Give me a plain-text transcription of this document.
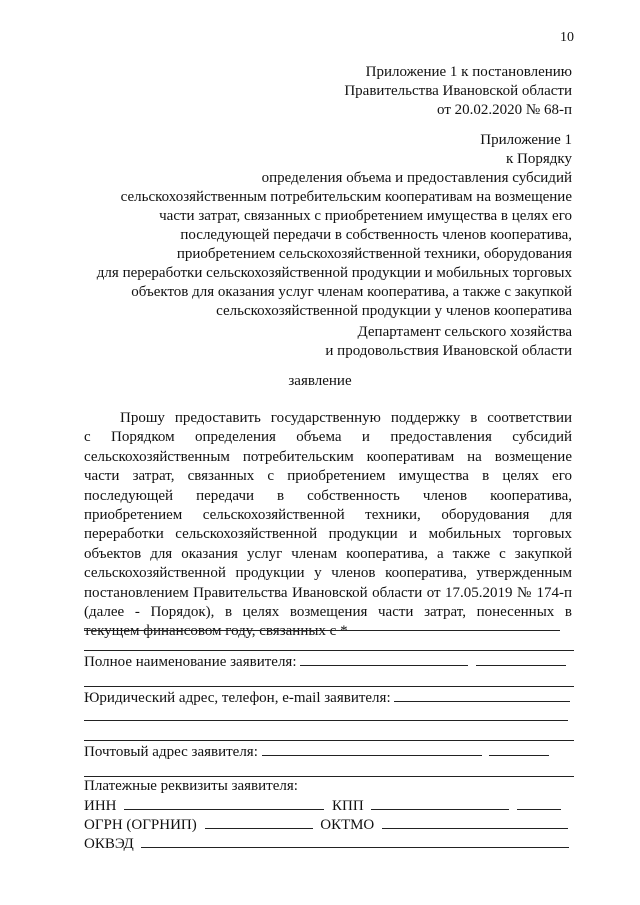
10
Приложение 1 к постановлению
Правительства Ивановской области
от 20.02.2020 № 68-п
Приложение 1
к Порядку
определения объема и предоставления субсидий
сельскохозяйственным потребительским кооперативам на возмещение
части затрат, связанных с приобретением имущества в целях его
последующей передачи в собственность членов кооператива,
приобретением сельскохозяйственной техники, оборудования
для переработки сельскохозяйственной продукции и мобильных торговых
объектов для оказания услуг членам кооператива, а также с закупкой
сельскохозяйственной продукции у членов кооператива
Департамент сельского хозяйства
и продовольствия Ивановской области
заявление
Прошу предоставить государственную поддержку в соответствии
с Порядком определения объема и предоставления субсидий
сельскохозяйственным потребительским кооперативам на возмещение
части затрат, связанных с приобретением имущества в целях его
последующей передачи в собственность членов кооператива,
приобретением сельскохозяйственной техники, оборудования для
переработки сельскохозяйственной продукции и мобильных торговых
объектов для оказания услуг членам кооператива, а также с закупкой
сельскохозяйственной продукции у членов кооператива, утвержденным
постановлением Правительства Ивановской области от 17.05.2019 № 174-п
(далее - Порядок), в целях возмещения части затрат, понесенных в
текущем финансовом году, связанных с *
Полное наименование заявителя:
Юридический адрес, телефон, e-mail заявителя:
Почтовый адрес заявителя:
Платежные реквизиты заявителя:
ИНН	КПП
ОГРН (ОГРНИП)	ОКТМО
ОКВЭД
